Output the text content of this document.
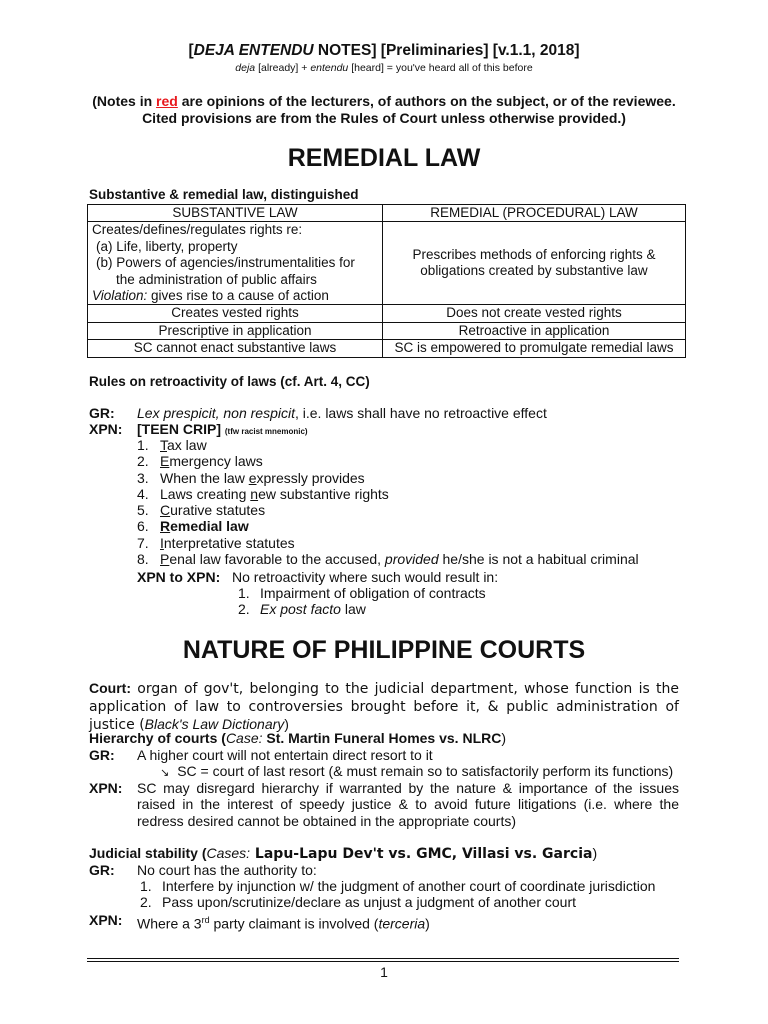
[DEJA ENTENDU NOTES] [Preliminaries] [v.1.1, 2018]
deja [already] + entendu [heard] = you've heard all of this before
(Notes in red are opinions of the lecturers, of authors on the subject, or of the reviewee.
Cited provisions are from the Rules of Court unless otherwise provided.)
REMEDIAL LAW
Substantive & remedial law, distinguished
SUBSTANTIVE LAW	REMEDIAL (PROCEDURAL) LAW

Creates/defines/regulates rights re:
(a) Life, liberty, property
(b) Powers of agencies/instrumentalities for
the administration of public affairs
Violation: gives rise to a cause of action	Prescribes methods of enforcing rights & obligations created by substantive law
Creates vested rights	Does not create vested rights
Prescriptive in application	Retroactive in application
SC cannot enact substantive laws	SC is empowered to promulgate remedial laws
Rules on retroactivity of laws (cf. Art. 4, CC)
GR: Lex prespicit, non respicit, i.e. laws shall have no retroactive effect
XPN: [TEEN CRIP] (tfw racist mnemonic)
1. Tax law
2. Emergency laws
3. When the law expressly provides
4. Laws creating new substantive rights
5. Curative statutes
6. Remedial law
7. Interpretative statutes
8. Penal law favorable to the accused, provided he/she is not a habitual criminal
XPN to XPN: No retroactivity where such would result in:
1. Impairment of obligation of contracts
2. Ex post facto law
NATURE OF PHILIPPINE COURTS
Court: organ of gov't, belonging to the judicial department, whose function is the application of law to controversies brought before it, & public administration of justice (Black's Law Dictionary)
Hierarchy of courts (Case: St. Martin Funeral Homes vs. NLRC)
GR: A higher court will not entertain direct resort to it
↘ SC = court of last resort (& must remain so to satisfactorily perform its functions)
XPN: SC may disregard hierarchy if warranted by the nature & importance of the issues raised in the interest of speedy justice & to avoid future litigations (i.e. where the redress desired cannot be obtained in the appropriate courts)
Judicial stability (Cases: Lapu-Lapu Dev't vs. GMC, Villasi vs. Garcia)
GR: No court has the authority to:
1. Interfere by injunction w/ the judgment of another court of coordinate jurisdiction
2. Pass upon/scrutinize/declare as unjust a judgment of another court
XPN: Where a 3rd party claimant is involved (terceria)
1
